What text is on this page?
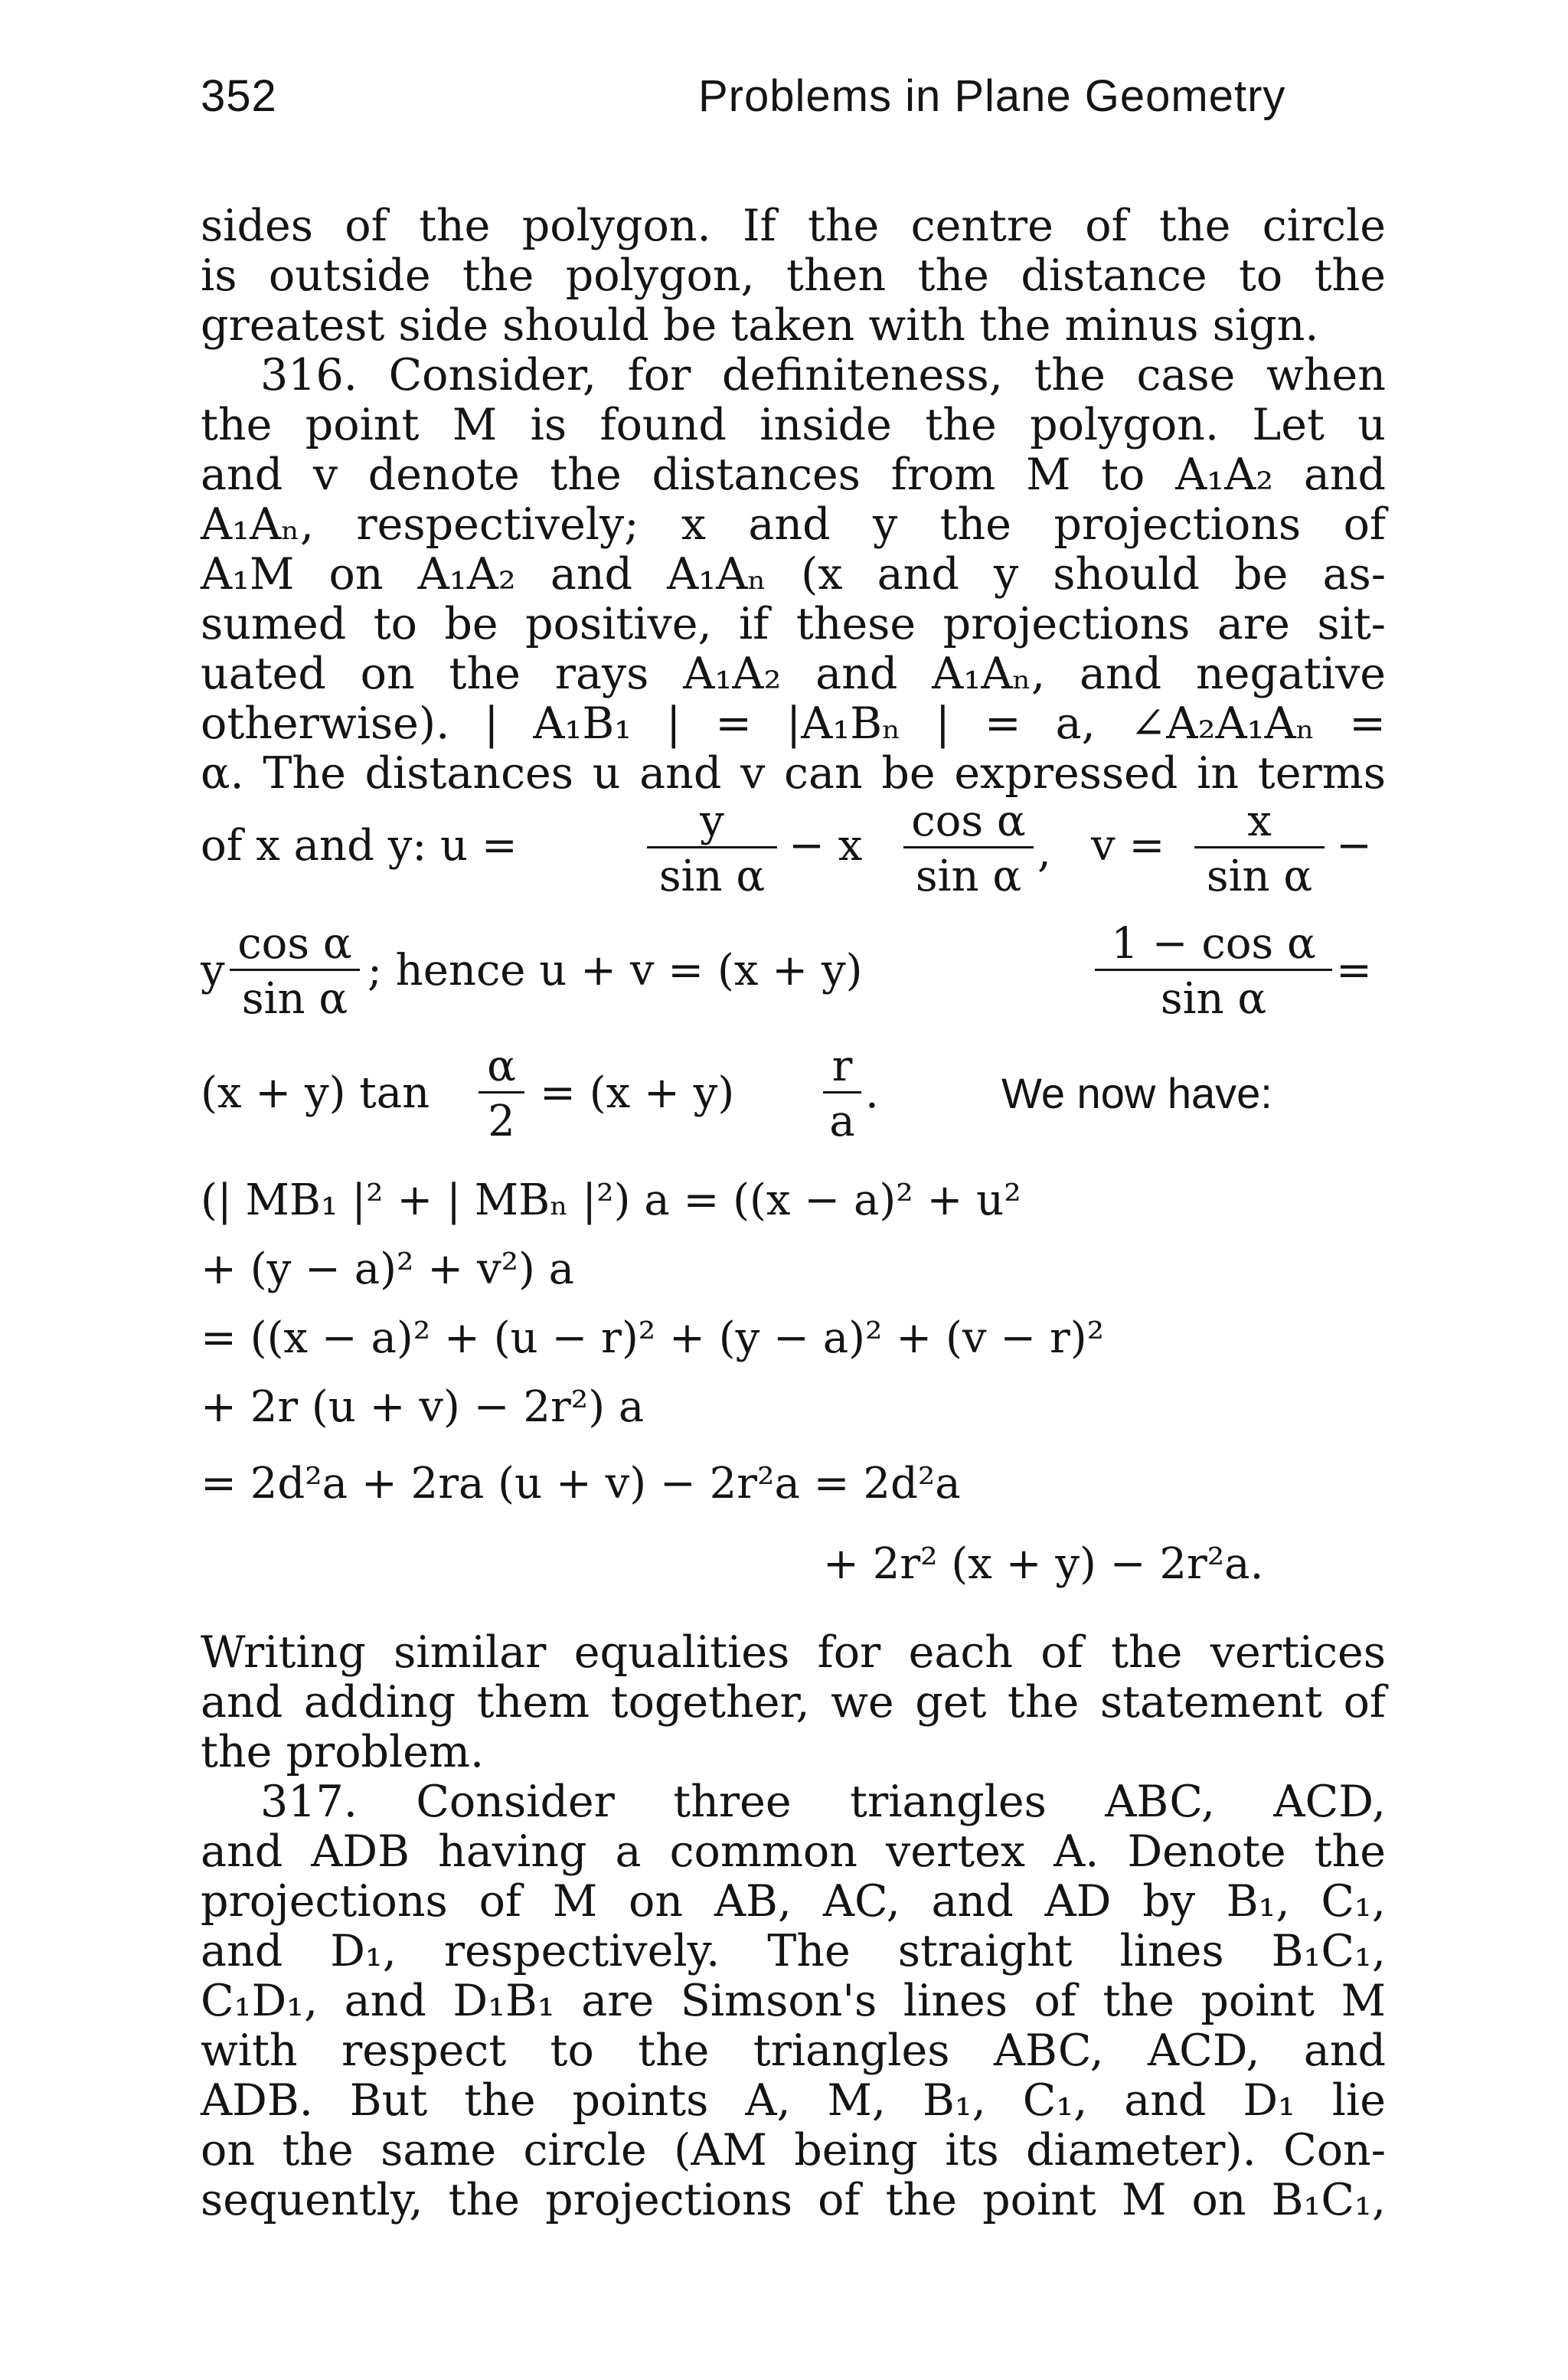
352	Problems in Plane Geometry
sides of the polygon. If the centre of the circle
is outside the polygon, then the distance to the
greatest side should be taken with the minus sign.
316. Consider, for definiteness, the case when
the point M is found inside the polygon. Let u
and v denote the distances from M to A₁A₂ and
A₁Aₙ, respectively; x and y the projections of
A₁M on A₁A₂ and A₁Aₙ (x and y should be as-
sumed to be positive, if these projections are sit-
uated on the rays A₁A₂ and A₁Aₙ, and negative
otherwise). | A₁B₁ | = |A₁Bₙ | = a, ∠A₂A₁Aₙ =
α. The distances u and v can be expressed in terms
of x and y: u =	y
sin α
− x cos α
sin α , v =	x
sin α
−
y
cos α
sin α
; hence u + v = (x + y)
1 − cos α
sin α
=
(x + y) tan
α
2
= (x + y)
r
a
.	We now have:
(| MB₁ |² + | MBₙ |²) a = ((x − a)² + u²
+ (y − a)² + v²) a
= ((x − a)² + (u − r)² + (y − a)² + (v − r)²
+ 2r (u + v) − 2r²) a
= 2d²a + 2ra (u + v) − 2r²a = 2d²a
+ 2r² (x + y) − 2r²a.
Writing similar equalities for each of the vertices
and adding them together, we get the statement of
the problem.
317. Consider three triangles ABC, ACD,
and ADB having a common vertex A. Denote the
projections of M on AB, AC, and AD by B₁, C₁,
and D₁, respectively. The straight lines B₁C₁,
C₁D₁, and D₁B₁ are Simson's lines of the point M
with respect to the triangles ABC, ACD, and
ADB. But the points A, M, B₁, C₁, and D₁ lie
on the same circle (AM being its diameter). Con-
sequently, the projections of the point M on B₁C₁,
